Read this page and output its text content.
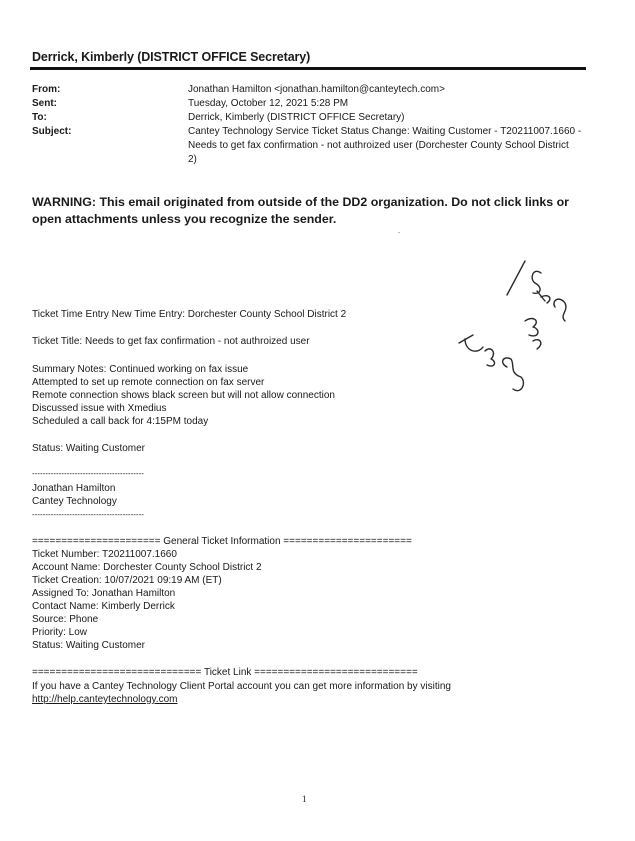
Derrick, Kimberly (DISTRICT OFFICE Secretary)
From:	Jonathan Hamilton <jonathan.hamilton@canteytech.com>
Sent:	Tuesday, October 12, 2021 5:28 PM
To:	Derrick, Kimberly (DISTRICT OFFICE Secretary)
Subject:	Cantey Technology Service Ticket Status Change: Waiting Customer - T20211007.1660 -
Needs to get fax confirmation - not authroized user (Dorchester County School District
2)
WARNING: This email originated from outside of the DD2 organization. Do not click links or
open attachments unless you recognize the sender.
Ticket Time Entry New Time Entry: Dorchester County School District 2
Ticket Title: Needs to get fax confirmation - not authroized user
Summary Notes: Continued working on fax issue
Attempted to set up remote connection on fax server
Remote connection shows black screen but will not allow connection
Discussed issue with Xmedius
Scheduled a call back for 4:15PM today
Status: Waiting Customer
------------------------------------------
Jonathan Hamilton
Cantey Technology
------------------------------------------
====================== General Ticket Information ======================
Ticket Number: T20211007.1660
Account Name: Dorchester County School District 2
Ticket Creation: 10/07/2021 09:19 AM (ET)
Assigned To: Jonathan Hamilton
Contact Name: Kimberly Derrick
Source: Phone
Priority: Low
Status: Waiting Customer
============================= Ticket Link ============================
If you have a Cantey Technology Client Portal account you can get more information by visiting
http://help.canteytechnology.com
1
